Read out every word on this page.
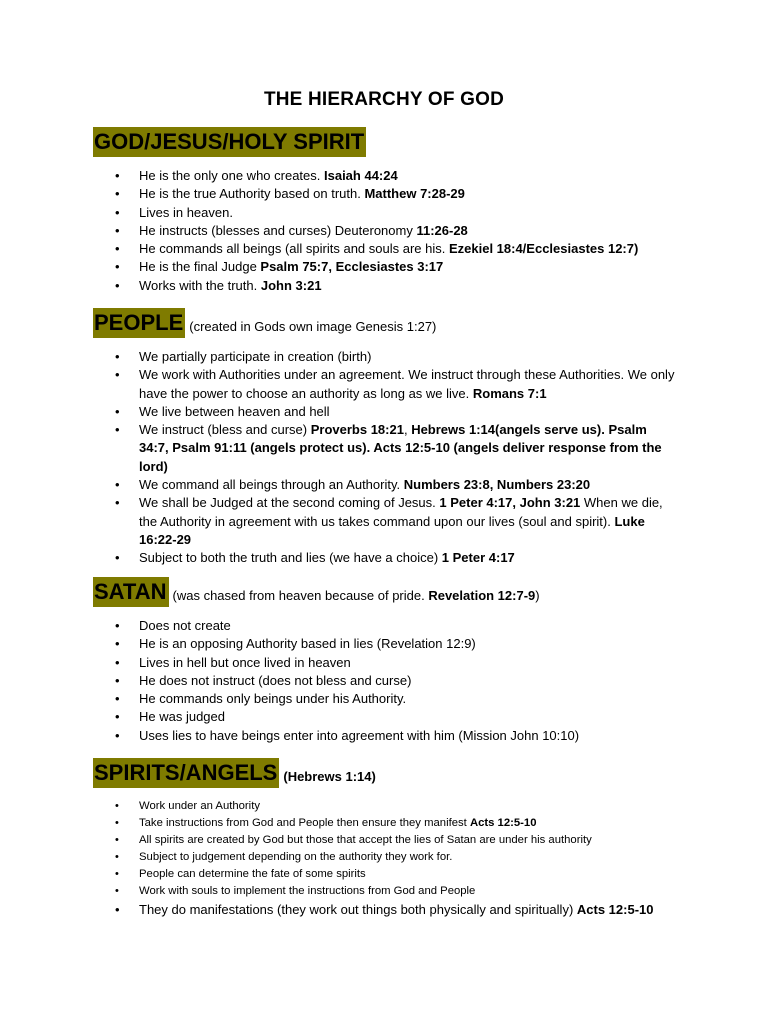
THE HIERARCHY OF GOD
GOD/JESUS/HOLY SPIRIT
• He is the only one who creates. Isaiah 44:24
• He is the true Authority based on truth. Matthew 7:28-29
• Lives in heaven.
• He instructs (blesses and curses) Deuteronomy 11:26-28
• He commands all beings (all spirits and souls are his. Ezekiel 18:4/Ecclesiastes 12:7)
• He is the final Judge Psalm 75:7, Ecclesiastes 3:17
• Works with the truth. John 3:21
PEOPLE (created in Gods own image Genesis 1:27)
• We partially participate in creation (birth)
• We work with Authorities under an agreement. We instruct through these Authorities. We only have the power to choose an authority as long as we live. Romans 7:1
• We live between heaven and hell
• We instruct (bless and curse) Proverbs 18:21, Hebrews 1:14(angels serve us). Psalm 34:7, Psalm 91:11 (angels protect us). Acts 12:5-10 (angels deliver response from the lord)
• We command all beings through an Authority. Numbers 23:8, Numbers 23:20
• We shall be Judged at the second coming of Jesus. 1 Peter 4:17, John 3:21 When we die, the Authority in agreement with us takes command upon our lives (soul and spirit). Luke 16:22-29
• Subject to both the truth and lies (we have a choice) 1 Peter 4:17
SATAN (was chased from heaven because of pride. Revelation 12:7-9)
• Does not create
• He is an opposing Authority based in lies (Revelation 12:9)
• Lives in hell but once lived in heaven
• He does not instruct (does not bless and curse)
• He commands only beings under his Authority.
• He was judged
• Uses lies to have beings enter into agreement with him (Mission John 10:10)
SPIRITS/ANGELS (Hebrews 1:14)
• Work under an Authority
• Take instructions from God and People then ensure they manifest Acts 12:5-10
• All spirits are created by God but those that accept the lies of Satan are under his authority
• Subject to judgement depending on the authority they work for.
• People can determine the fate of some spirits
• Work with souls to implement the instructions from God and People
• They do manifestations (they work out things both physically and spiritually) Acts 12:5-10
